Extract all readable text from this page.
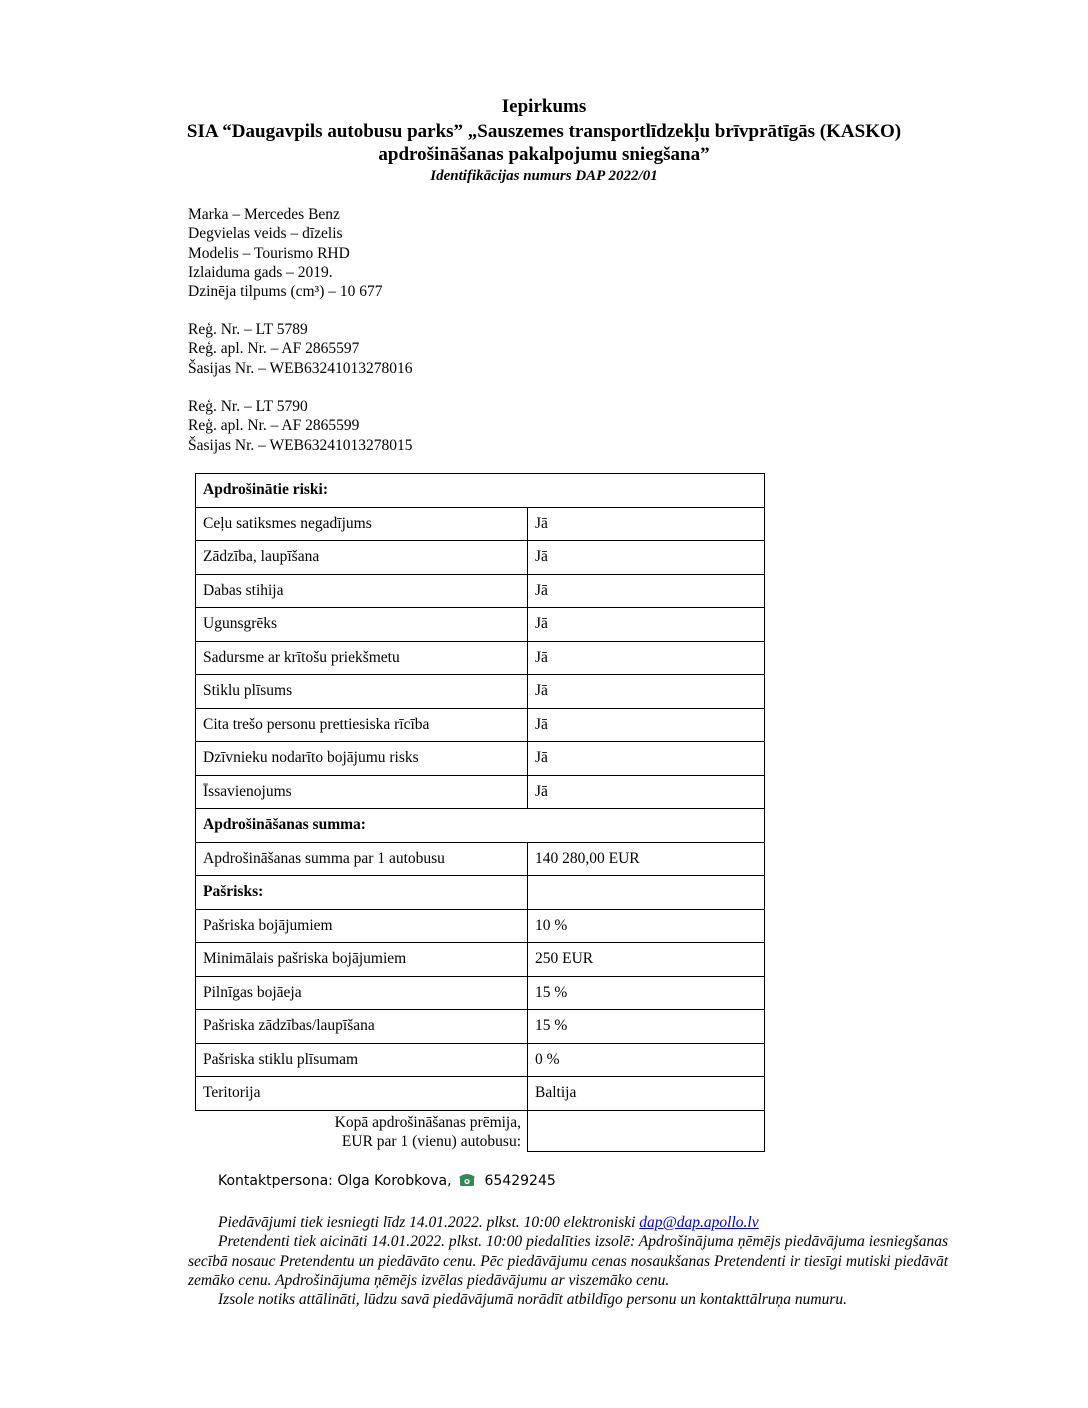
Iepirkums
SIA “Daugavpils autobusu parks” „Sauszemes transportlīdzekļu brīvprātīgās (KASKO)
apdrošināšanas pakalpojumu sniegšana”
Identifikācijas numurs DAP 2022/01
Marka – Mercedes Benz
Degvielas veids – dīzelis
Modelis – Tourismo RHD
Izlaiduma gads – 2019.
Dzinēja tilpums (cm³) – 10 677
Reģ. Nr. – LT 5789
Reģ. apl. Nr. – AF 2865597
Šasijas Nr. – WEB63241013278016
Reģ. Nr. – LT 5790
Reģ. apl. Nr. – AF 2865599
Šasijas Nr. – WEB63241013278015
Apdrošinātie riski:	
Ceļu satiksmes negadījums	Jā
Zādzība, laupīšana	Jā
Dabas stihija	Jā
Ugunsgrēks	Jā
Sadursme ar krītošu priekšmetu	Jā
Stiklu plīsums	Jā
Cita trešo personu prettiesiska rīcība	Jā
Dzīvnieku nodarīto bojājumu risks	Jā
Īssavienojums	Jā
Apdrošināšanas summa:	
Apdrošināšanas summa par 1 autobusu	140 280,00 EUR
Pašrisks:	
Pašriska bojājumiem	10 %
Minimālais pašriska bojājumiem	250 EUR
Pilnīgas bojāeja	15 %
Pašriska zādzības/laupīšana	15 %
Pašriska stiklu plīsumam	0 %
Teritorija	Baltija

Kopā apdrošināšanas prēmija,
EUR par 1 (vienu) autobusu:	

Kontaktpersona: Olga Korobkova, 65429245

Piedāvājumi tiek iesniegti līdz 14.01.2022. plkst. 10:00 elektroniski dap@dap.apollo.lv

Pretendenti tiek aicināti 14.01.2022. plkst. 10:00 piedalīties izsolē: Apdrošinājuma ņēmējs piedāvājuma iesniegšanas secībā nosauc Pretendentu un piedāvāto cenu. Pēc piedāvājumu cenas nosaukšanas Pretendenti ir tiesīgi mutiski piedāvāt zemāko cenu. Apdrošinājuma ņēmējs izvēlas piedāvājumu ar viszemāko cenu.

Izsole notiks attālināti, lūdzu savā piedāvājumā norādīt atbildīgo personu un kontakttālruņa numuru.
